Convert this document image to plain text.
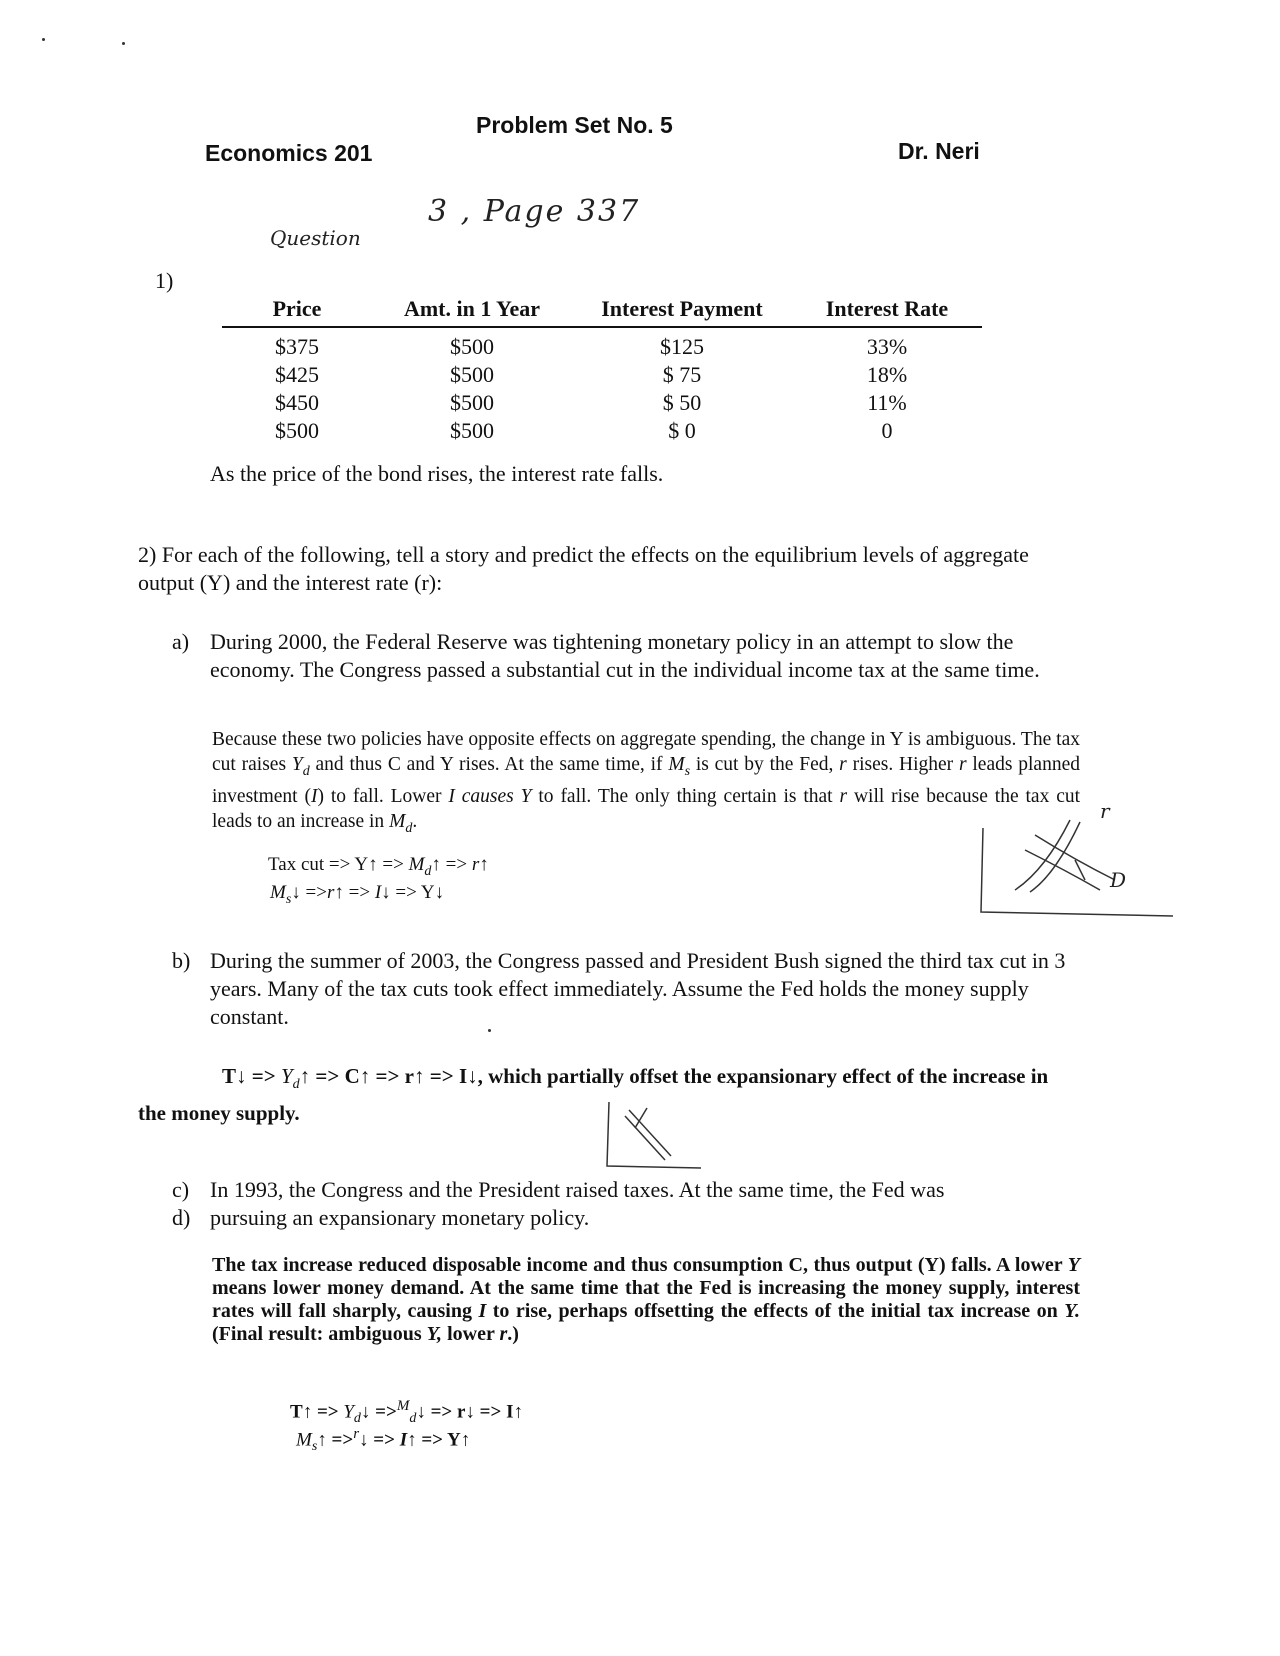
Problem Set No. 5
Economics 201	Dr. Neri
Question
3 , Page 337
1)
Price	Amt. in 1 Year	Interest Payment	Interest Rate

$375	$500	$125	33%
$425	$500	$ 75	18%
$450	$500	$ 50	11%
$500	$500	$ 0	0
As the price of the bond rises, the interest rate falls.
2) For each of the following, tell a story and predict the effects on the equilibrium levels of aggregate output (Y) and the interest rate (r):
a) During 2000, the Federal Reserve was tightening monetary policy in an attempt to slow the economy. The Congress passed a substantial cut in the individual income tax at the same time.
Because these two policies have opposite effects on aggregate spending, the change in Y is ambiguous. The tax cut raises $Y_d$ and thus C and Y rises. At the same time, if $M_s$ is cut by the Fed, r rises. Higher r leads planned investment (I) to fall. Lower I causes Y to fall. The only thing certain is that r will rise because the tax cut leads to an increase in $M_d$.
Tax cut => Y↑ => $M_d↑$ => r↑
$M_s↓$ =>r↑ => I↓ => Y↓
r
D
b) During the summer of 2003, the Congress passed and President Bush signed the third tax cut in 3 years. Many of the tax cuts took effect immediately. Assume the Fed holds the money supply constant.
T↓ => $Y_d↑$ => C↑ => r↑ => I↓, which partially offset the expansionary effect of the increase in the money supply.
c) In 1993, the Congress and the President raised taxes. At the same time, the Fed was
d) pursuing an expansionary monetary policy.
The tax increase reduced disposable income and thus consumption C, thus output (Y) falls. A lower Y means lower money demand. At the same time that the Fed is increasing the money supply, interest rates will fall sharply, causing I to rise, perhaps offsetting the effects of the initial tax increase on Y. (Final result: ambiguous Y, lower r.)
T↑ => $Y_d↓$ =>$^M_d$↓ => r↓ => I↑
$M_s↑$ =>$^r$↓ => I↑ => Y↑
